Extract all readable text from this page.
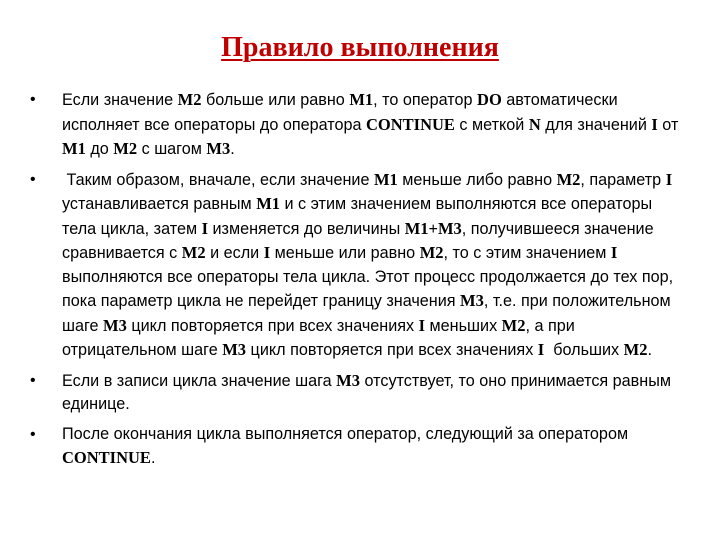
Правило выполнения
• Если значение М2 больше или равно М1, то оператор DO автоматически исполняет все операторы до оператора CONTINUE с меткой N для значений I от М1 до М2 с шагом М3.
• Таким образом, вначале, если значение М1 меньше либо равно М2, параметр I устанавливается равным М1 и с этим значением выполняются все операторы тела цикла, затем I изменяется до величины М1+М3, получившееся значение сравнивается с М2 и если I меньше или равно М2, то с этим значением I выполняются все операторы тела цикла. Этот процесс продолжается до тех пор, пока параметр цикла не перейдет границу значения М3, т.е. при положительном шаге М3 цикл повторяется при всех значениях I меньших М2, а при отрицательном шаге М3 цикл повторяется при всех значениях I  больших М2.
• Если в записи цикла значение шага М3 отсутствует, то оно принимается равным единице.
• После окончания цикла выполняется оператор, следующий за оператором CONTINUE.
